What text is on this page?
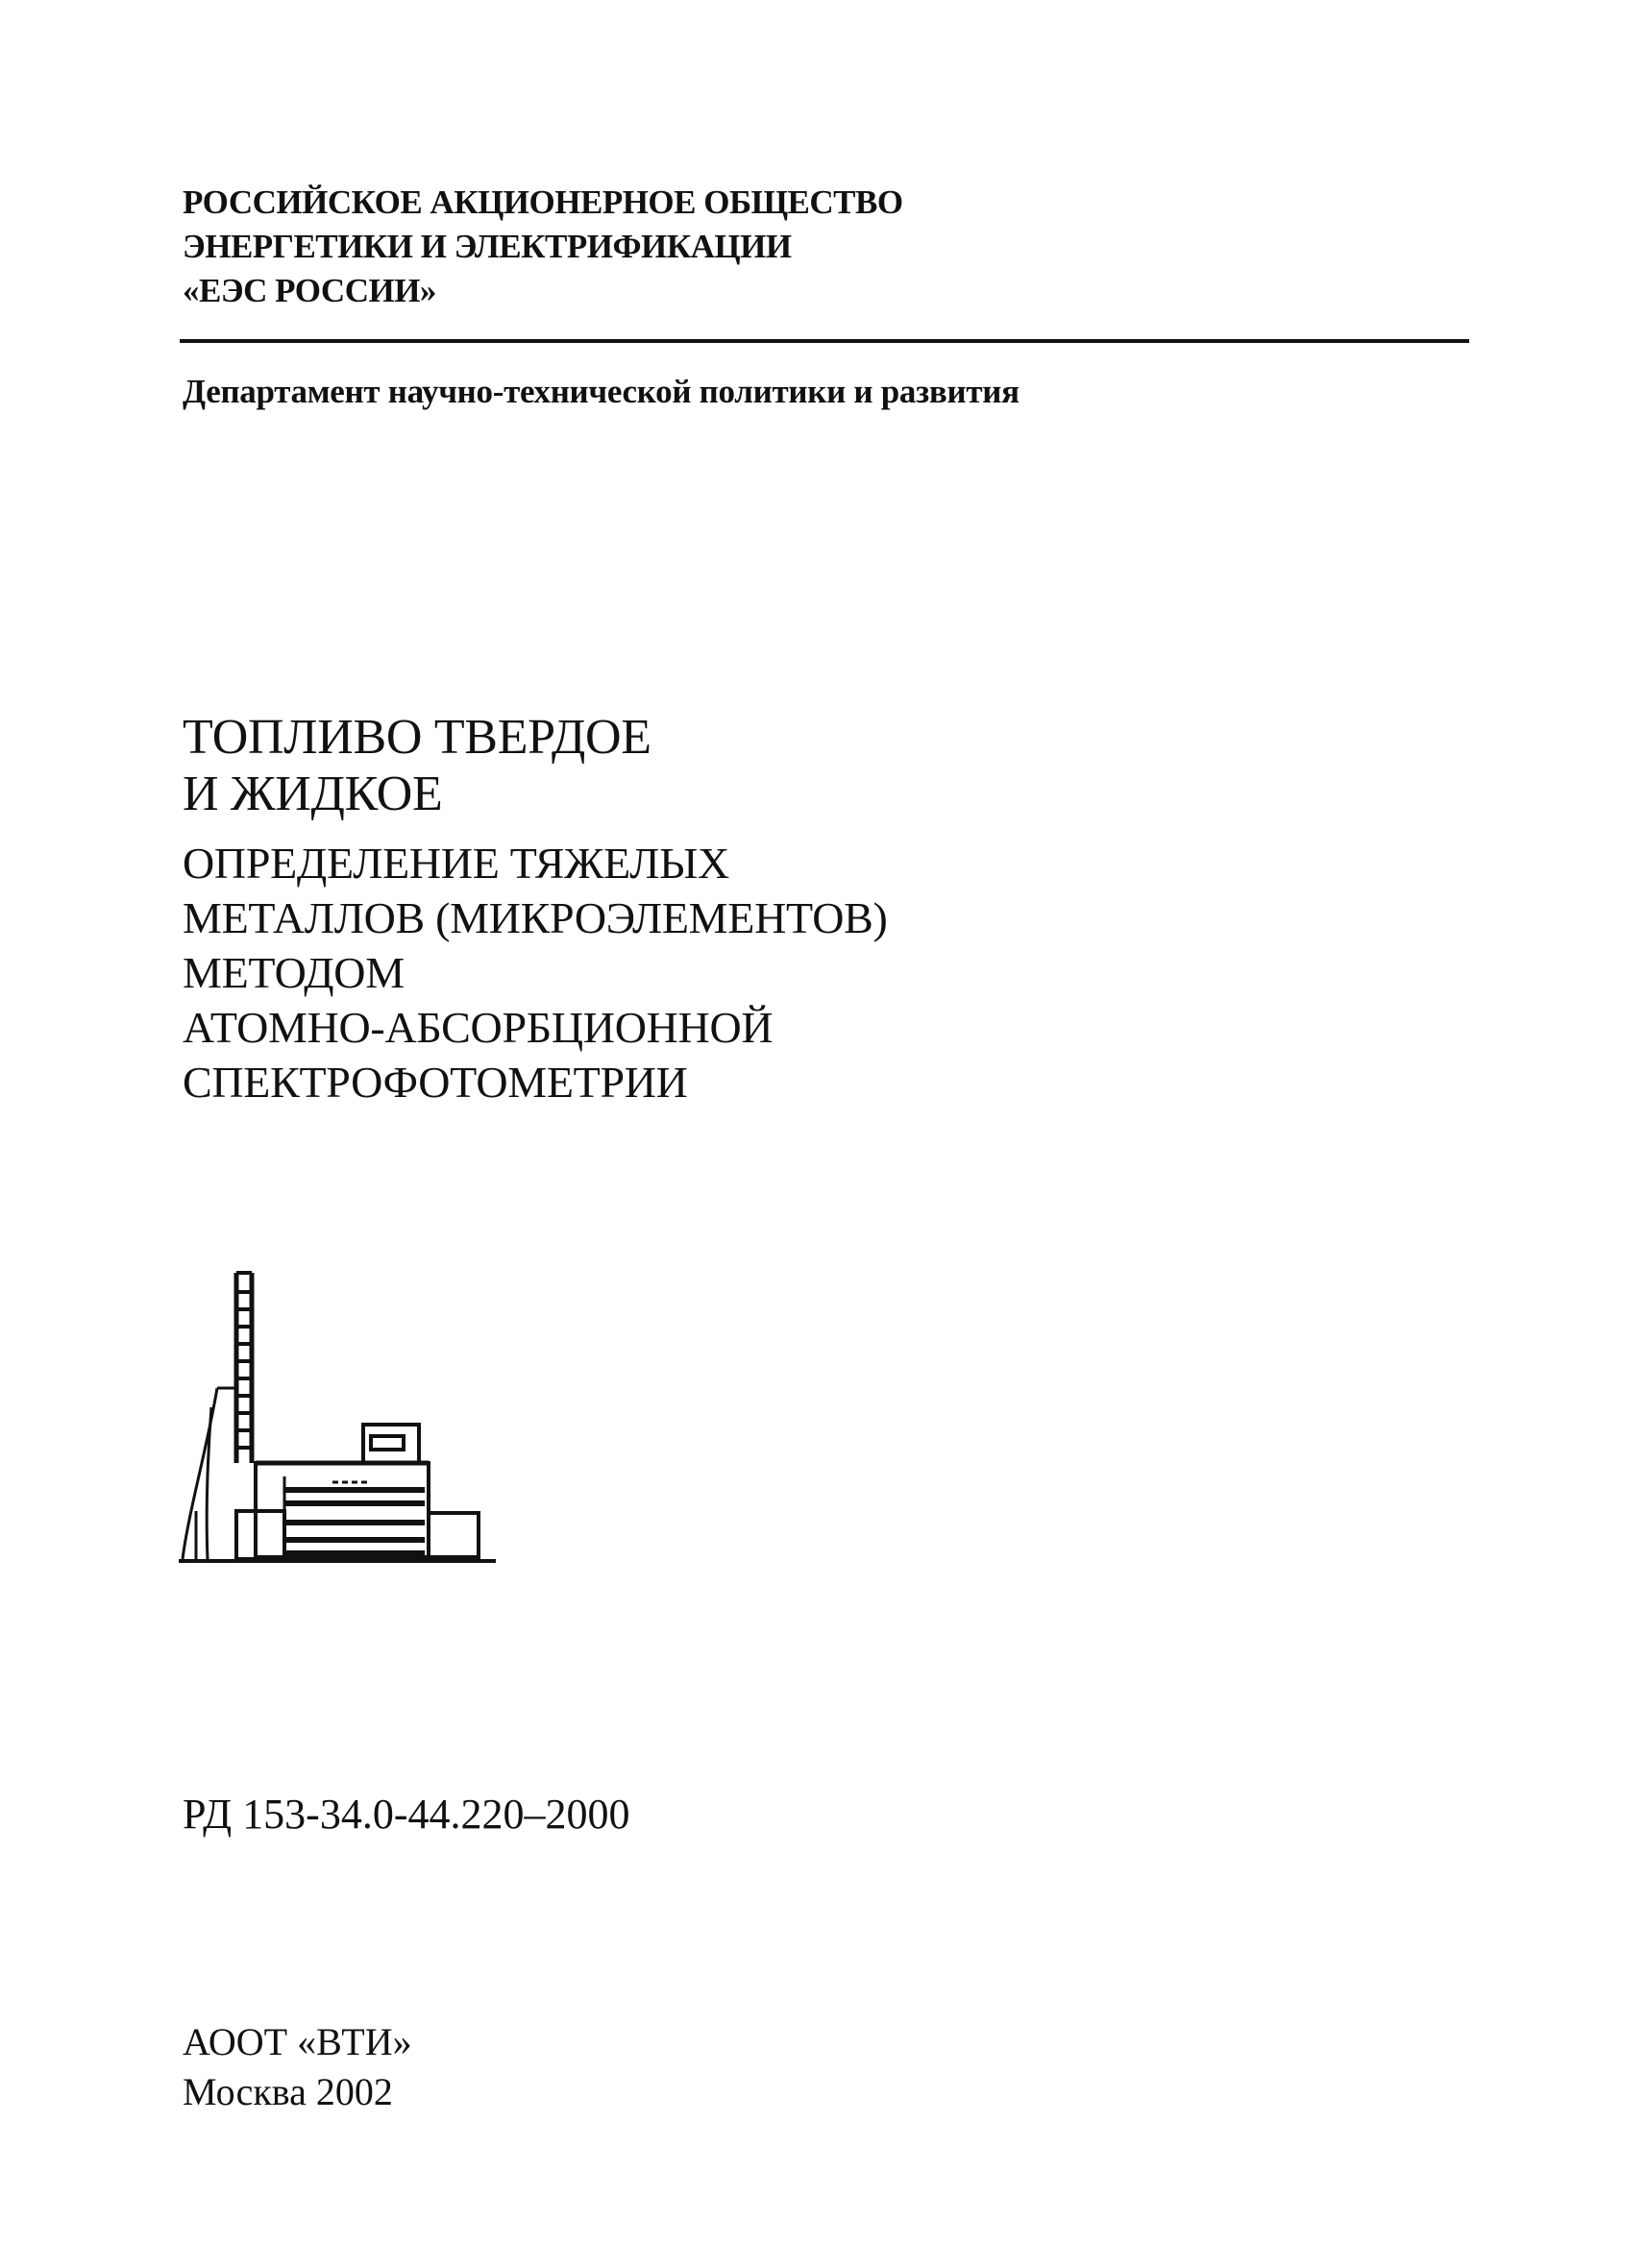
РОССИЙСКОЕ АКЦИОНЕРНОЕ ОБЩЕСТВО
ЭНЕРГЕТИКИ И ЭЛЕКТРИФИКАЦИИ
«ЕЭС РОССИИ»
Департамент научно-технической политики и развития
ТОПЛИВО ТВЕРДОЕ
И ЖИДКОЕ
ОПРЕДЕЛЕНИЕ ТЯЖЕЛЫХ
МЕТАЛЛОВ (МИКРОЭЛЕМЕНТОВ)
МЕТОДОМ
АТОМНО-АБСОРБЦИОННОЙ
СПЕКТРОФОТОМЕТРИИ
РД 153-34.0-44.220–2000
АООТ «ВТИ»
Москва 2002
